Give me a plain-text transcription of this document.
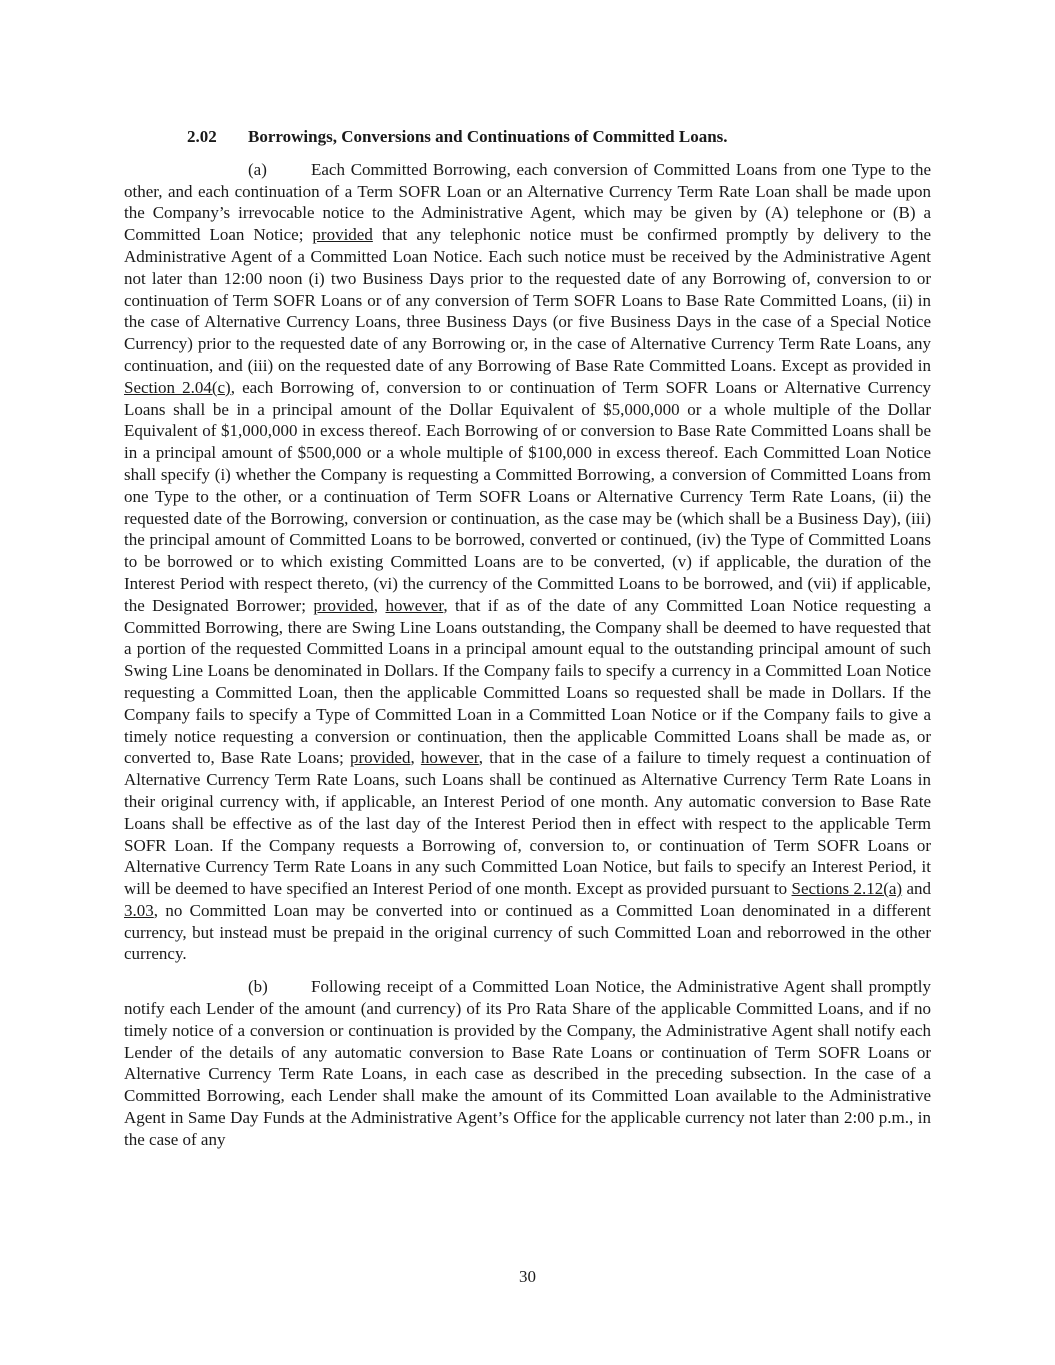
2.02 Borrowings, Conversions and Continuations of Committed Loans.

(a)	Each Committed Borrowing, each conversion of Committed Loans from one Type to the other, and each continuation of a Term SOFR Loan or an Alternative Currency Term Rate Loan shall be made upon the Company’s irrevocable notice to the Administrative Agent, which may be given by (A) telephone or (B) a Committed Loan Notice; provided that any telephonic notice must be confirmed promptly by delivery to the Administrative Agent of a Committed Loan Notice. Each such notice must be received by the Administrative Agent not later than 12:00 noon (i) two Business Days prior to the requested date of any Borrowing of, conversion to or continuation of Term SOFR Loans or of any conversion of Term SOFR Loans to Base Rate Committed Loans, (ii) in the case of Alternative Currency Loans, three Business Days (or five Business Days in the case of a Special Notice Currency) prior to the requested date of any Borrowing or, in the case of Alternative Currency Term Rate Loans, any continuation, and (iii) on the requested date of any Borrowing of Base Rate Committed Loans. Except as provided in Section 2.04(c), each Borrowing of, conversion to or continuation of Term SOFR Loans or Alternative Currency Loans shall be in a principal amount of the Dollar Equivalent of $5,000,000 or a whole multiple of the Dollar Equivalent of $1,000,000 in excess thereof. Each Borrowing of or conversion to Base Rate Committed Loans shall be in a principal amount of $500,000 or a whole multiple of $100,000 in excess thereof. Each Committed Loan Notice shall specify (i) whether the Company is requesting a Committed Borrowing, a conversion of Committed Loans from one Type to the other, or a continuation of Term SOFR Loans or Alternative Currency Term Rate Loans, (ii) the requested date of the Borrowing, conversion or continuation, as the case may be (which shall be a Business Day), (iii) the principal amount of Committed Loans to be borrowed, converted or continued, (iv) the Type of Committed Loans to be borrowed or to which existing Committed Loans are to be converted, (v) if applicable, the duration of the Interest Period with respect thereto, (vi) the currency of the Committed Loans to be borrowed, and (vii) if applicable, the Designated Borrower; provided, however, that if as of the date of any Committed Loan Notice requesting a Committed Borrowing, there are Swing Line Loans outstanding, the Company shall be deemed to have requested that a portion of the requested Committed Loans in a principal amount equal to the outstanding principal amount of such Swing Line Loans be denominated in Dollars. If the Company fails to specify a currency in a Committed Loan Notice requesting a Committed Loan, then the applicable Committed Loans so requested shall be made in Dollars. If the Company fails to specify a Type of Committed Loan in a Committed Loan Notice or if the Company fails to give a timely notice requesting a conversion or continuation, then the applicable Committed Loans shall be made as, or converted to, Base Rate Loans; provided, however, that in the case of a failure to timely request a continuation of Alternative Currency Term Rate Loans, such Loans shall be continued as Alternative Currency Term Rate Loans in their original currency with, if applicable, an Interest Period of one month. Any automatic conversion to Base Rate Loans shall be effective as of the last day of the Interest Period then in effect with respect to the applicable Term SOFR Loan. If the Company requests a Borrowing of, conversion to, or continuation of Term SOFR Loans or Alternative Currency Term Rate Loans in any such Committed Loan Notice, but fails to specify an Interest Period, it will be deemed to have specified an Interest Period of one month. Except as provided pursuant to Sections 2.12(a) and 3.03, no Committed Loan may be converted into or continued as a Committed Loan denominated in a different currency, but instead must be prepaid in the original currency of such Committed Loan and reborrowed in the other currency.

(b)	Following receipt of a Committed Loan Notice, the Administrative Agent shall promptly notify each Lender of the amount (and currency) of its Pro Rata Share of the applicable Committed Loans, and if no timely notice of a conversion or continuation is provided by the Company, the Administrative Agent shall notify each Lender of the details of any automatic conversion to Base Rate Loans or continuation of Term SOFR Loans or Alternative Currency Term Rate Loans, in each case as described in the preceding subsection. In the case of a Committed Borrowing, each Lender shall make the amount of its Committed Loan available to the Administrative Agent in Same Day Funds at the Administrative Agent’s Office for the applicable currency not later than 2:00 p.m., in the case of any

30
